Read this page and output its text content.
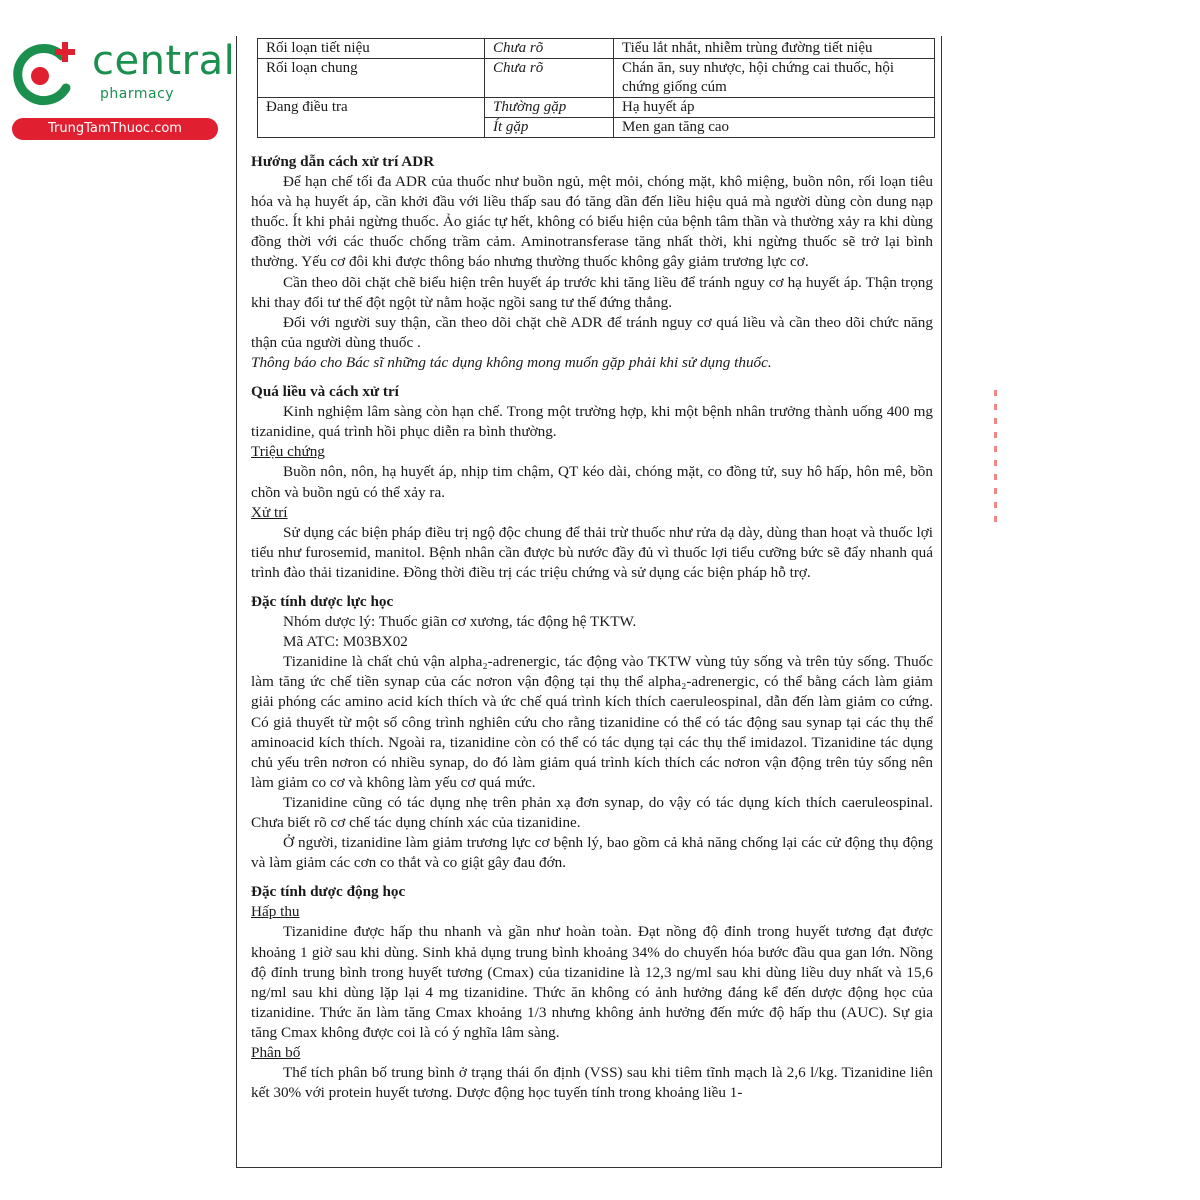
central
pharmacy
TrungTamThuoc.com
Rối loạn tiết niệu	Chưa rõ	Tiểu lắt nhắt, nhiễm trùng đường tiết niệu
Rối loạn chung	Chưa rõ	Chán ăn, suy nhược, hội chứng cai thuốc, hội chứng giống cúm
Đang điều tra	Thường gặp	Hạ huyết áp
	Ít gặp	Men gan tăng cao
Hướng dẫn cách xử trí ADR

Để hạn chế tối đa ADR của thuốc như buồn ngủ, mệt mỏi, chóng mặt, khô miệng, buồn nôn, rối loạn tiêu hóa và hạ huyết áp, cần khởi đầu với liều thấp sau đó tăng dần đến liều hiệu quả mà người dùng còn dung nạp thuốc. Ít khi phải ngừng thuốc. Ảo giác tự hết, không có biểu hiện của bệnh tâm thần và thường xảy ra khi dùng đồng thời với các thuốc chống trầm cảm. Aminotransferase tăng nhất thời, khi ngừng thuốc sẽ trở lại bình thường. Yếu cơ đôi khi được thông báo nhưng thường thuốc không gây giảm trương lực cơ.

Cần theo dõi chặt chẽ biểu hiện trên huyết áp trước khi tăng liều để tránh nguy cơ hạ huyết áp. Thận trọng khi thay đổi tư thế đột ngột từ nằm hoặc ngồi sang tư thế đứng thẳng.

Đối với người suy thận, cần theo dõi chặt chẽ ADR để tránh nguy cơ quá liều và cần theo dõi chức năng thận của người dùng thuốc .

Thông báo cho Bác sĩ những tác dụng không mong muốn gặp phải khi sử dụng thuốc.

Quá liều và cách xử trí

Kinh nghiệm lâm sàng còn hạn chế. Trong một trường hợp, khi một bệnh nhân trưởng thành uống 400 mg tizanidine, quá trình hồi phục diễn ra bình thường.

Triệu chứng

Buồn nôn, nôn, hạ huyết áp, nhịp tim chậm, QT kéo dài, chóng mặt, co đồng tử, suy hô hấp, hôn mê, bồn chồn và buồn ngủ có thể xảy ra.

Xử trí

Sử dụng các biện pháp điều trị ngộ độc chung để thải trừ thuốc như rửa dạ dày, dùng than hoạt và thuốc lợi tiểu như furosemid, manitol. Bệnh nhân cần được bù nước đầy đủ vì thuốc lợi tiểu cưỡng bức sẽ đẩy nhanh quá trình đào thải tizanidine. Đồng thời điều trị các triệu chứng và sử dụng các biện pháp hỗ trợ.

Đặc tính dược lực học

Nhóm dược lý: Thuốc giãn cơ xương, tác động hệ TKTW.

Mã ATC: M03BX02

Tizanidine là chất chủ vận alpha₂-adrenergic, tác động vào TKTW vùng tủy sống và trên tủy sống. Thuốc làm tăng ức chế tiền synap của các nơron vận động tại thụ thể alpha₂-adrenergic, có thể bằng cách làm giảm giải phóng các amino acid kích thích và ức chế quá trình kích thích caeruleospinal, dẫn đến làm giảm co cứng. Có giả thuyết từ một số công trình nghiên cứu cho rằng tizanidine có thể có tác động sau synap tại các thụ thể aminoacid kích thích. Ngoài ra, tizanidine còn có thể có tác dụng tại các thụ thể imidazol. Tizanidine tác dụng chủ yếu trên nơron có nhiều synap, do đó làm giảm quá trình kích thích các nơron vận động trên tủy sống nên làm giảm co cơ và không làm yếu cơ quá mức.

Tizanidine cũng có tác dụng nhẹ trên phản xạ đơn synap, do vậy có tác dụng kích thích caeruleospinal. Chưa biết rõ cơ chế tác dụng chính xác của tizanidine.

Ở người, tizanidine làm giảm trương lực cơ bệnh lý, bao gồm cả khả năng chống lại các cử động thụ động và làm giảm các cơn co thắt và co giật gây đau đớn.

Đặc tính dược động học

Hấp thu

Tizanidine được hấp thu nhanh và gần như hoàn toàn. Đạt nồng độ đỉnh trong huyết tương đạt được khoảng 1 giờ sau khi dùng. Sinh khả dụng trung bình khoảng 34% do chuyển hóa bước đầu qua gan lớn. Nồng độ đỉnh trung bình trong huyết tương (Cmax) của tizanidine là 12,3 ng/ml sau khi dùng liều duy nhất và 15,6 ng/ml sau khi dùng lặp lại 4 mg tizanidine. Thức ăn không có ảnh hưởng đáng kể đến dược động học của tizanidine. Thức ăn làm tăng Cmax khoảng 1/3 nhưng không ảnh hưởng đến mức độ hấp thu (AUC). Sự gia tăng Cmax không được coi là có ý nghĩa lâm sàng.

Phân bố

Thể tích phân bố trung bình ở trạng thái ổn định (VSS) sau khi tiêm tĩnh mạch là 2,6 l/kg. Tizanidine liên kết 30% với protein huyết tương. Dược động học tuyến tính trong khoảng liều 1-
